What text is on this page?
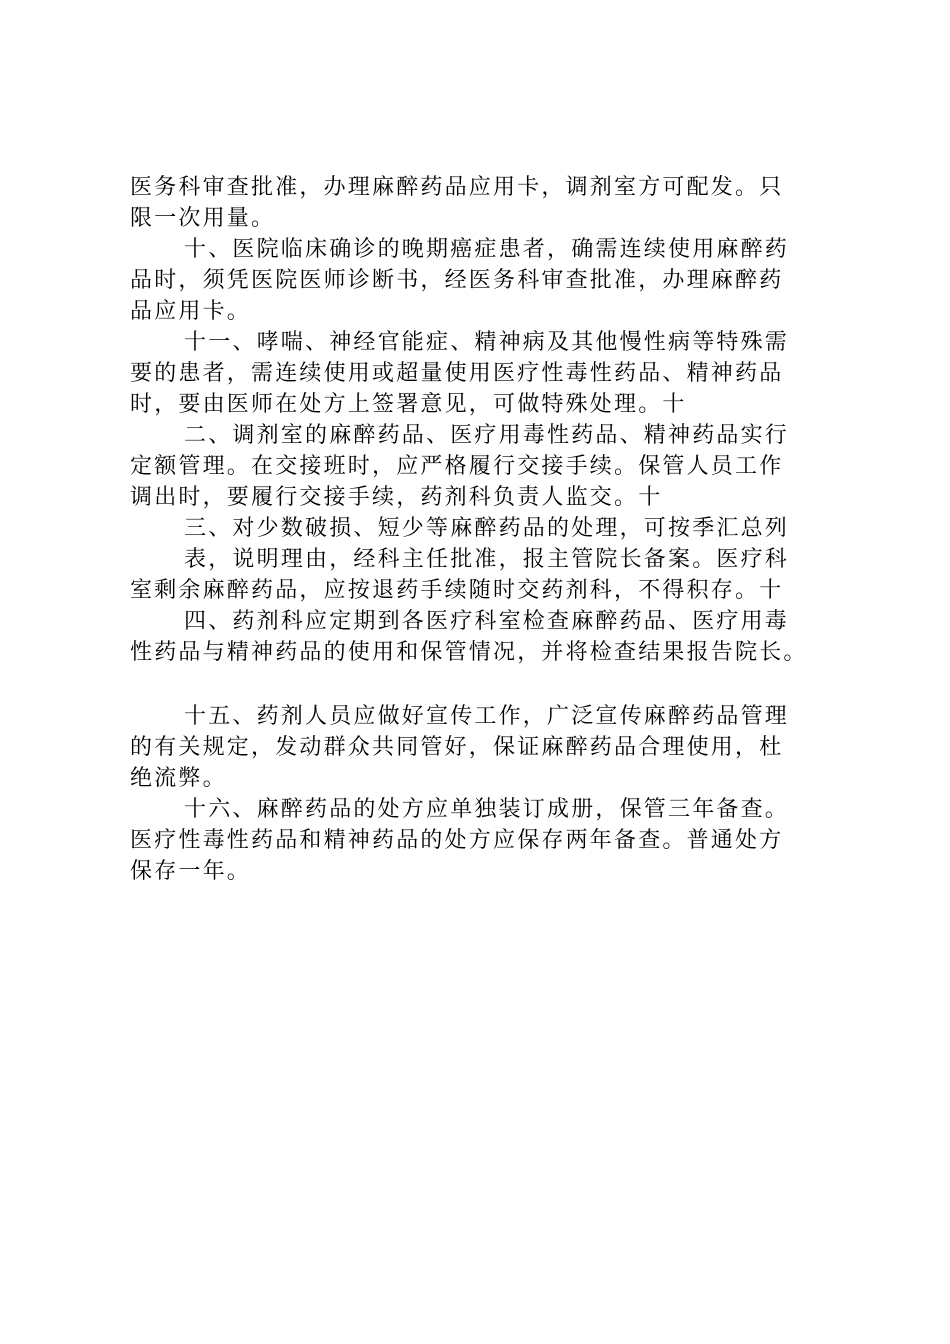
医务科审查批准，办理麻醉药品应用卡，调剂室方可配发。只
限一次用量。
十、医院临床确诊的晚期癌症患者，确需连续使用麻醉药
品时，须凭医院医师诊断书，经医务科审查批准，办理麻醉药
品应用卡。
十一、哮喘、神经官能症、精神病及其他慢性病等特殊需
要的患者，需连续使用或超量使用医疗性毒性药品、精神药品
时，要由医师在处方上签署意见，可做特殊处理。十
二、调剂室的麻醉药品、医疗用毒性药品、精神药品实行
定额管理。在交接班时，应严格履行交接手续。保管人员工作
调出时，要履行交接手续，药剂科负责人监交。十
三、对少数破损、短少等麻醉药品的处理，可按季汇总列
表，说明理由，经科主任批准，报主管院长备案。医疗科
室剩余麻醉药品，应按退药手续随时交药剂科，不得积存。十
四、药剂科应定期到各医疗科室检查麻醉药品、医疗用毒
性药品与精神药品的使用和保管情况，并将检查结果报告院长。
十五、药剂人员应做好宣传工作，广泛宣传麻醉药品管理
的有关规定，发动群众共同管好，保证麻醉药品合理使用，杜
绝流弊。
十六、麻醉药品的处方应单独装订成册，保管三年备查。
医疗性毒性药品和精神药品的处方应保存两年备查。普通处方
保存一年。
